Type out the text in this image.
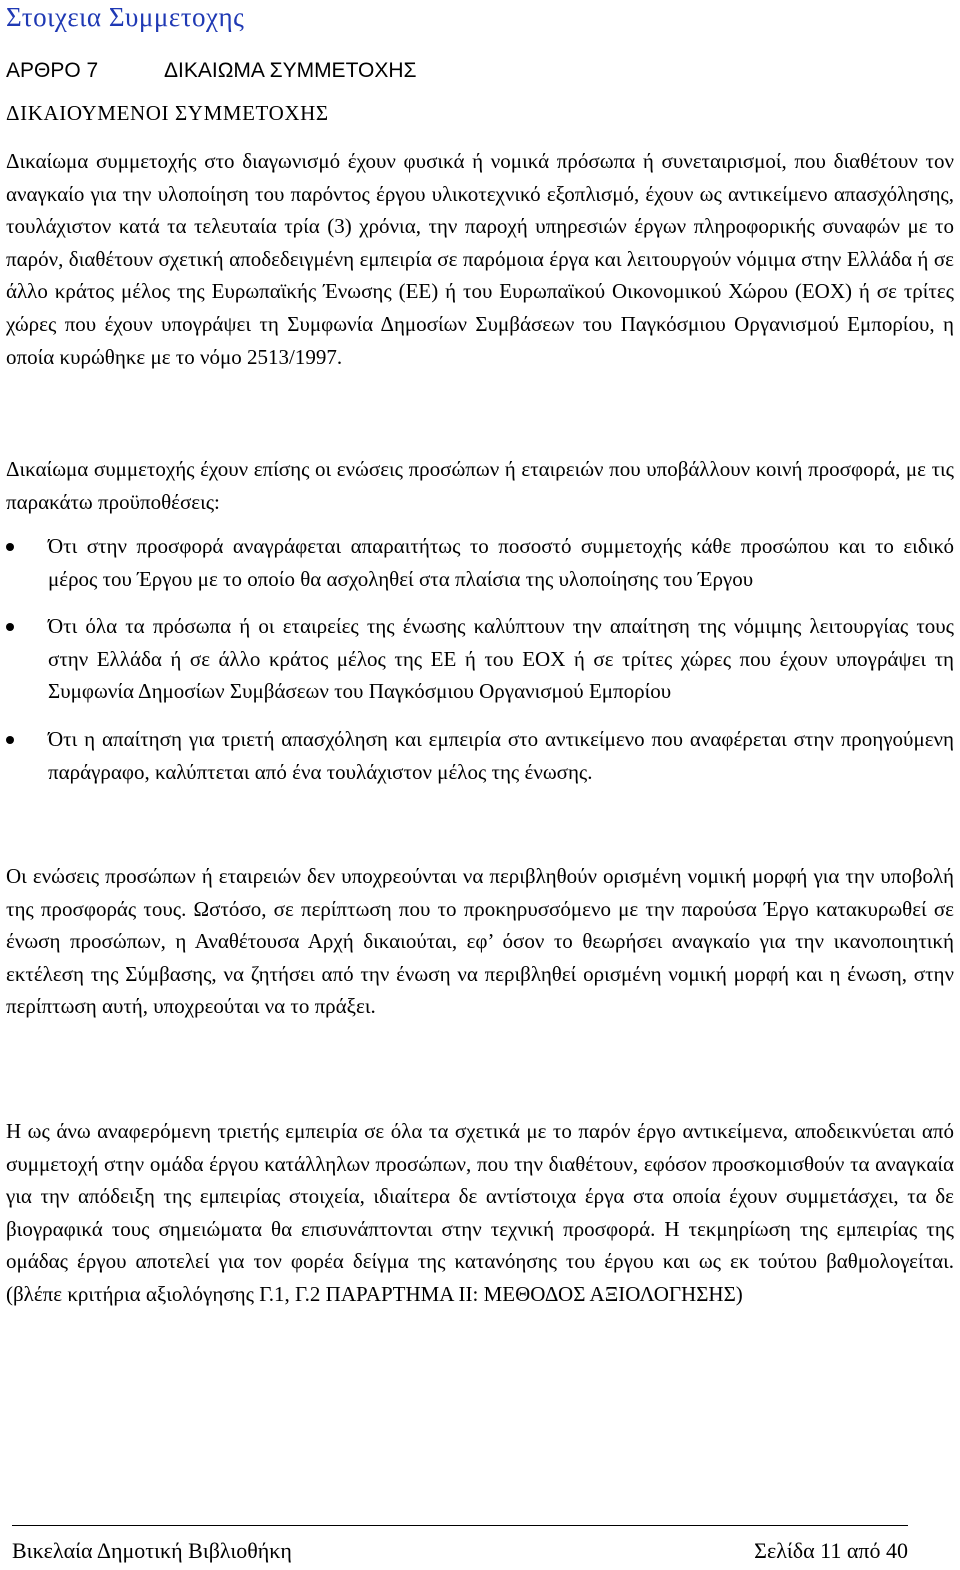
Στοιχεια Συμμετοχης
ΑΡΘΡΟ 7	ΔΙΚΑΙΩΜΑ ΣΥΜΜΕΤΟΧΗΣ
ΔΙΚΑΙΟΥΜΕΝΟΙ ΣΥΜΜΕΤΟΧΗΣ

Δικαίωμα συμμετοχής στο διαγωνισμό έχουν φυσικά ή νομικά πρόσωπα ή συνεταιρισμοί, που διαθέτουν τον αναγκαίο για την υλοποίηση του παρόντος έργου υλικοτεχνικό εξοπλισμό, έχουν ως αντικείμενο απασχόλησης, τουλάχιστον κατά τα τελευταία τρία (3) χρόνια, την παροχή υπηρεσιών έργων πληροφορικής συναφών με το παρόν, διαθέτουν σχετική αποδεδειγμένη εμπειρία σε παρόμοια έργα και λειτουργούν νόμιμα στην Ελλάδα ή σε άλλο κράτος μέλος της Ευρωπαϊκής Ένωσης (ΕΕ) ή του Ευρωπαϊκού Οικονομικού Χώρου (ΕΟΧ) ή σε τρίτες χώρες που έχουν υπογράψει τη Συμφωνία Δημοσίων Συμβάσεων του Παγκόσμιου Οργανισμού Εμπορίου, η οποία κυρώθηκε με το νόμο 2513/1997.

Δικαίωμα συμμετοχής έχουν επίσης οι ενώσεις προσώπων ή εταιρειών που υποβάλλουν κοινή προσφορά, με τις παρακάτω προϋποθέσεις:

Ότι στην προσφορά αναγράφεται απαραιτήτως το ποσοστό συμμετοχής κάθε προσώπου και το ειδικό μέρος του Έργου με το οποίο θα ασχοληθεί στα πλαίσια της υλοποίησης του Έργου
Ότι όλα τα πρόσωπα ή οι εταιρείες της ένωσης καλύπτουν την απαίτηση της νόμιμης λειτουργίας τους στην Ελλάδα ή σε άλλο κράτος μέλος της ΕΕ ή του ΕΟΧ ή σε τρίτες χώρες που έχουν υπογράψει τη Συμφωνία Δημοσίων Συμβάσεων του Παγκόσμιου Οργανισμού Εμπορίου
Ότι η απαίτηση για τριετή απασχόληση και εμπειρία στο αντικείμενο που αναφέρεται στην προηγούμενη παράγραφο, καλύπτεται από ένα τουλάχιστον μέλος της ένωσης.

Οι ενώσεις προσώπων ή εταιρειών δεν υποχρεούνται να περιβληθούν ορισμένη νομική μορφή για την υποβολή της προσφοράς τους. Ωστόσο, σε περίπτωση που το προκηρυσσόμενο με την παρούσα Έργο κατακυρωθεί σε ένωση προσώπων, η Αναθέτουσα Αρχή δικαιούται, εφ’ όσον το θεωρήσει αναγκαίο για την ικανοποιητική εκτέλεση της Σύμβασης, να ζητήσει από την ένωση να περιβληθεί ορισμένη νομική μορφή και η ένωση, στην περίπτωση αυτή, υποχρεούται να το πράξει.

Η ως άνω αναφερόμενη τριετής εμπειρία σε όλα τα σχετικά με το παρόν έργο αντικείμενα, αποδεικνύεται από συμμετοχή στην ομάδα έργου κατάλληλων προσώπων, που την διαθέτουν, εφόσον προσκομισθούν τα αναγκαία για την απόδειξη της εμπειρίας στοιχεία, ιδιαίτερα δε αντίστοιχα έργα στα οποία έχουν συμμετάσχει, τα δε βιογραφικά τους σημειώματα θα επισυνάπτονται στην τεχνική προσφορά. Η τεκμηρίωση της εμπειρίας της ομάδας έργου αποτελεί για τον φορέα δείγμα της κατανόησης του έργου και ως εκ τούτου βαθμολογείται. (βλέπε κριτήρια αξιολόγησης Γ.1, Γ.2 ΠΑΡΑΡΤΗΜΑ ΙΙ: ΜΕΘΟΔΟΣ ΑΞΙΟΛΟΓΗΣΗΣ)

Βικελαία Δημοτική Βιβλιοθήκη	Σελίδα 11 από 40
